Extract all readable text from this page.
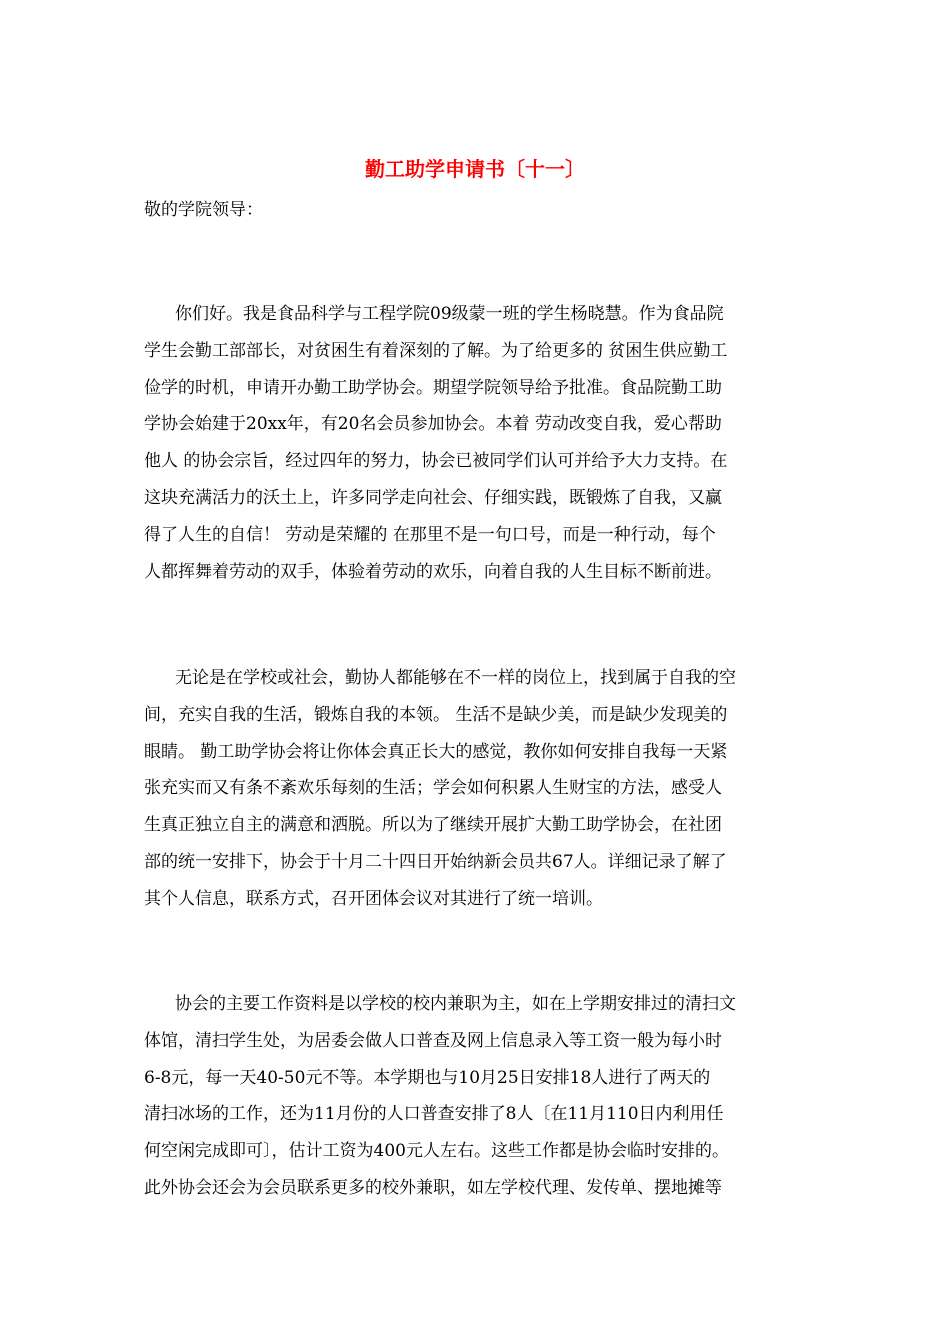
勤工助学申请书〔十一〕

敬的学院领导：

你们好。我是食品科学与工程学院09级蒙一班的学生杨晓慧。作为食品院
学生会勤工部部长，对贫困生有着深刻的了解。为了给更多的 贫困生供应勤工
俭学的时机，申请开办勤工助学协会。期望学院领导给予批准。食品院勤工助
学协会始建于20xx年，有20名会员参加协会。本着 劳动改变自我，爱心帮助
他人 的协会宗旨，经过四年的努力，协会已被同学们认可并给予大力支持。在
这块充满活力的沃土上，许多同学走向社会、仔细实践，既锻炼了自我，又赢
得了人生的自信！ 劳动是荣耀的 在那里不是一句口号，而是一种行动，每个
人都挥舞着劳动的双手，体验着劳动的欢乐，向着自我的人生目标不断前进。
无论是在学校或社会，勤协人都能够在不一样的岗位上，找到属于自我的空
间，充实自我的生活，锻炼自我的本领。 生活不是缺少美，而是缺少发现美的
眼睛。 勤工助学协会将让你体会真正长大的感觉，教你如何安排自我每一天紧
张充实而又有条不紊欢乐每刻的生活；学会如何积累人生财宝的方法，感受人
生真正独立自主的满意和洒脱。所以为了继续开展扩大勤工助学协会，在社团
部的统一安排下，协会于十月二十四日开始纳新会员共67人。详细记录了解了
其个人信息，联系方式，召开团体会议对其进行了统一培训。
协会的主要工作资料是以学校的校内兼职为主，如在上学期安排过的清扫文
体馆，清扫学生处，为居委会做人口普查及网上信息录入等工资一般为每小时
6-8元，每一天40-50元不等。本学期也与10月25日安排18人进行了两天的
清扫冰场的工作，还为11月份的人口普查安排了8人〔在11月110日内利用任
何空闲完成即可〕，估计工资为400元人左右。这些工作都是协会临时安排的。
此外协会还会为会员联系更多的校外兼职，如左学校代理、发传单、摆地摊等
